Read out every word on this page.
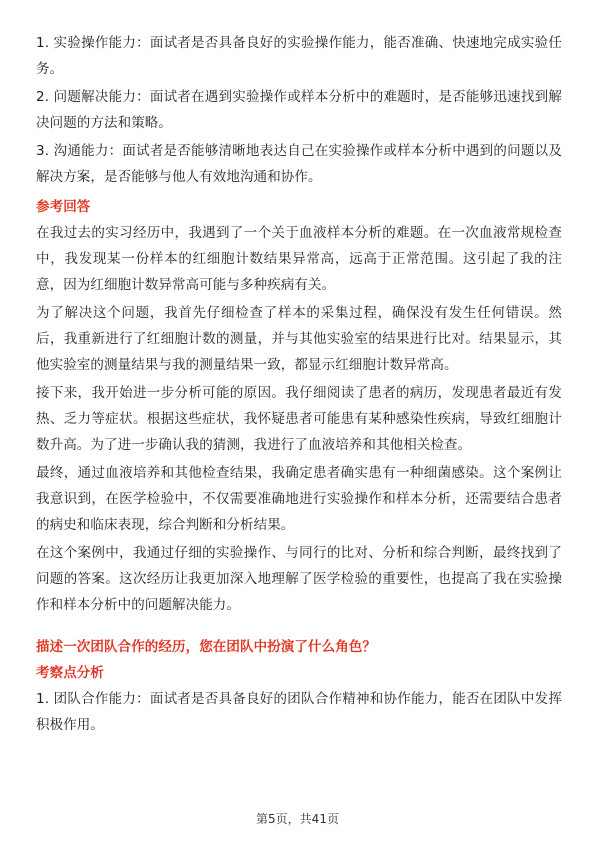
1. 实验操作能力：面试者是否具备良好的实验操作能力，能否准确、快速地完成实验任务。

2. 问题解决能力：面试者在遇到实验操作或样本分析中的难题时，是否能够迅速找到解决问题的方法和策略。

3. 沟通能力：面试者是否能够清晰地表达自己在实验操作或样本分析中遇到的问题以及解决方案，是否能够与他人有效地沟通和协作。

参考回答

在我过去的实习经历中，我遇到了一个关于血液样本分析的难题。在一次血液常规检查中，我发现某一份样本的红细胞计数结果异常高，远高于正常范围。这引起了我的注意，因为红细胞计数异常高可能与多种疾病有关。

为了解决这个问题，我首先仔细检查了样本的采集过程，确保没有发生任何错误。然后，我重新进行了红细胞计数的测量，并与其他实验室的结果进行比对。结果显示，其他实验室的测量结果与我的测量结果一致，都显示红细胞计数异常高。

接下来，我开始进一步分析可能的原因。我仔细阅读了患者的病历，发现患者最近有发热、乏力等症状。根据这些症状，我怀疑患者可能患有某种感染性疾病，导致红细胞计数升高。为了进一步确认我的猜测，我进行了血液培养和其他相关检查。

最终，通过血液培养和其他检查结果，我确定患者确实患有一种细菌感染。这个案例让我意识到，在医学检验中，不仅需要准确地进行实验操作和样本分析，还需要结合患者的病史和临床表现，综合判断和分析结果。

在这个案例中，我通过仔细的实验操作、与同行的比对、分析和综合判断，最终找到了问题的答案。这次经历让我更加深入地理解了医学检验的重要性，也提高了我在实验操作和样本分析中的问题解决能力。

描述一次团队合作的经历，您在团队中扮演了什么角色？

考察点分析

1. 团队合作能力：面试者是否具备良好的团队合作精神和协作能力，能否在团队中发挥积极作用。

第5页，共41页
